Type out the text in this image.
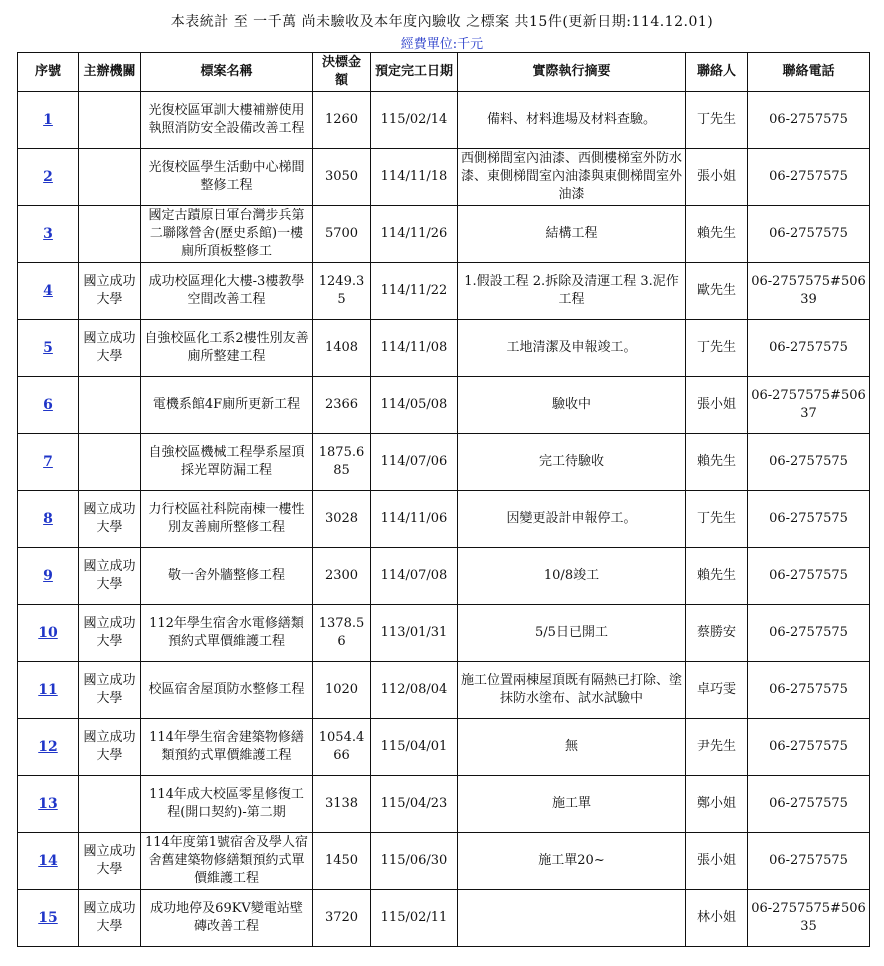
本表統計 至 一千萬 尚未驗收及本年度內驗收 之標案 共15件(更新日期:114.12.01)
經費單位:千元
序號	主辦機關	標案名稱	決標金額	預定完工日期	實際執行摘要	聯絡人	聯絡電話
1		光復校區軍訓大樓補辦使用執照消防安全設備改善工程	1260	115/02/14	備料、材料進場及材料查驗。	丁先生	06-2757575
2		光復校區學生活動中心梯間整修工程	3050	114/11/18	西側梯間室內油漆、西側樓梯室外防水漆、東側梯間室內油漆與東側梯間室外油漆	張小姐	06-2757575
3		國定古蹟原日軍台灣步兵第二聯隊營舍(歷史系館)一樓廁所頂板整修工	5700	114/11/26	結構工程	賴先生	06-2757575
4	國立成功大學	成功校區理化大樓-3樓教學空間改善工程	1249.35	114/11/22	1.假設工程 2.拆除及清運工程 3.泥作工程	歐先生	06-2757575#50639
5	國立成功大學	自強校區化工系2樓性別友善廁所整建工程	1408	114/11/08	工地清潔及申報竣工。	丁先生	06-2757575
6		電機系館4F廁所更新工程	2366	114/05/08	驗收中	張小姐	06-2757575#50637
7		自強校區機械工程學系屋頂採光罩防漏工程	1875.685	114/07/06	完工待驗收	賴先生	06-2757575
8	國立成功大學	力行校區社科院南棟一樓性別友善廁所整修工程	3028	114/11/06	因變更設計申報停工。	丁先生	06-2757575
9	國立成功大學	敬一舍外牆整修工程	2300	114/07/08	10/8竣工	賴先生	06-2757575
10	國立成功大學	112年學生宿舍水電修繕類預約式單價維護工程	1378.56	113/01/31	5/5日已開工	蔡勝安	06-2757575
11	國立成功大學	校區宿舍屋頂防水整修工程	1020	112/08/04	施工位置兩棟屋頂既有隔熱已打除、塗抹防水塗布、試水試驗中	卓巧雯	06-2757575
12	國立成功大學	114年學生宿舍建築物修繕類預約式單價維護工程	1054.466	115/04/01	無	尹先生	06-2757575
13		114年成大校區零星修復工程(開口契約)-第二期	3138	115/04/23	施工單	鄭小姐	06-2757575
14	國立成功大學	114年度第1號宿舍及學人宿舍舊建築物修繕類預約式單價維護工程	1450	115/06/30	施工單20~	張小姐	06-2757575
15	國立成功大學	成功地停及69KV變電站壁磚改善工程	3720	115/02/11		林小姐	06-2757575#50635
